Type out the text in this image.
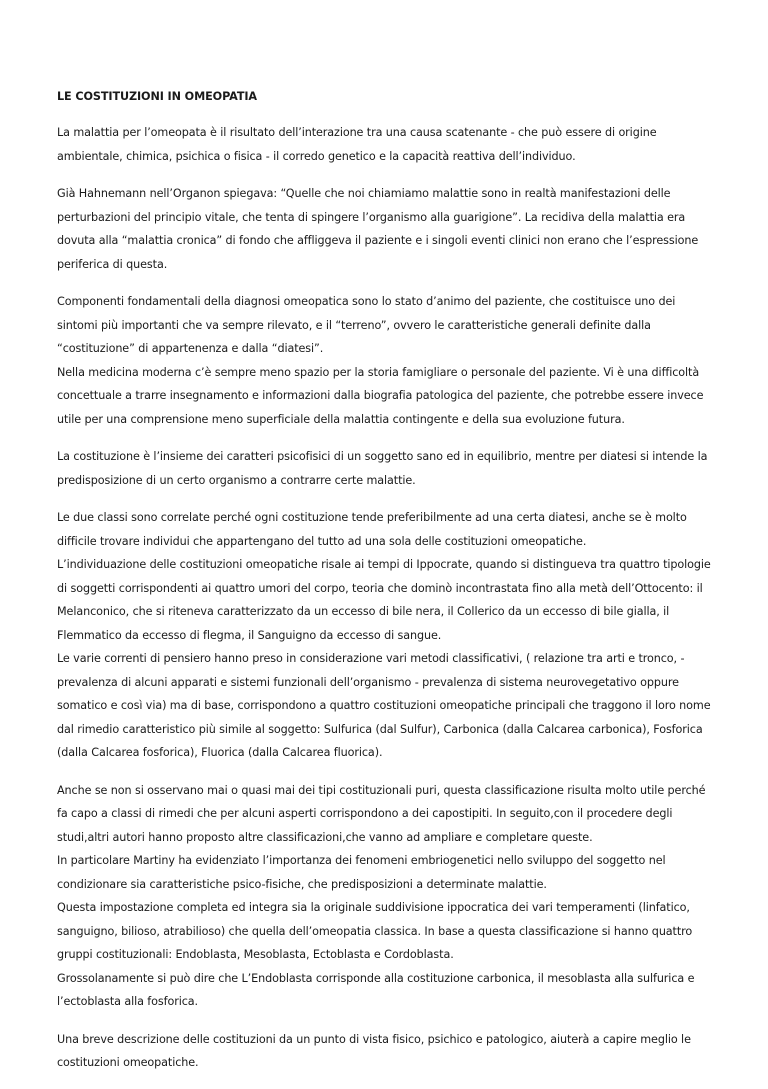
LE COSTITUZIONI IN OMEOPATIA
La malattia per l’omeopata è il risultato dell’interazione tra una causa scatenante - che può essere di origine ambientale, chimica, psichica o fisica - il corredo genetico e la capacità reattiva dell’individuo.
Già Hahnemann nell’Organon spiegava: “Quelle che noi chiamiamo malattie sono in realtà manifestazioni delle perturbazioni del principio vitale, che tenta di spingere l’organismo alla guarigione”. La recidiva della malattia era dovuta alla “malattia cronica” di fondo che affliggeva il paziente e i singoli eventi clinici non erano che l’espressione periferica di questa.
Componenti fondamentali della diagnosi omeopatica sono lo stato d’animo del paziente, che costituisce uno dei sintomi più importanti che va sempre rilevato, e il “terreno”, ovvero le caratteristiche generali definite dalla “costituzione” di appartenenza e dalla “diatesi”.
Nella medicina moderna c’è sempre meno spazio per la storia famigliare o personale del paziente. Vi è una difficoltà concettuale a trarre insegnamento e informazioni dalla biografia patologica del paziente, che potrebbe essere invece utile per una comprensione meno superficiale della malattia contingente e della sua evoluzione futura.
La costituzione è l’insieme dei caratteri psicofisici di un soggetto sano ed in equilibrio, mentre per diatesi si intende la predisposizione di un certo organismo a contrarre certe malattie.
Le due classi sono correlate perché ogni costituzione tende preferibilmente ad una certa diatesi, anche se è molto difficile trovare individui che appartengano del tutto ad una sola delle costituzioni omeopatiche.
L’individuazione delle costituzioni omeopatiche risale ai tempi di Ippocrate, quando si distingueva tra quattro tipologie di soggetti corrispondenti ai quattro umori del corpo, teoria che dominò incontrastata fino alla metà dell’Ottocento: il Melanconico, che si riteneva caratterizzato da un eccesso di bile nera, il Collerico da un eccesso di bile gialla, il Flemmatico da eccesso di flegma, il Sanguigno da eccesso di sangue.
Le varie correnti di pensiero hanno preso in considerazione vari metodi classificativi, ( relazione tra arti e tronco, - prevalenza di alcuni apparati e sistemi funzionali dell’organismo - prevalenza di sistema neurovegetativo oppure somatico e così via) ma di base, corrispondono a quattro costituzioni omeopatiche principali che traggono il loro nome dal rimedio caratteristico più simile al soggetto: Sulfurica (dal Sulfur), Carbonica (dalla Calcarea carbonica), Fosforica (dalla Calcarea fosforica), Fluorica (dalla Calcarea fluorica).
Anche se non si osservano mai o quasi mai dei tipi costituzionali puri, questa classificazione risulta molto utile perché fa capo a classi di rimedi che per alcuni asperti corrispondono a dei capostipiti. In seguito,con il procedere degli studi,altri autori hanno proposto altre classificazioni,che vanno ad ampliare e completare queste.
In particolare Martiny ha evidenziato l’importanza dei fenomeni embriogenetici nello sviluppo del soggetto nel condizionare sia caratteristiche psico-fisiche, che predisposizioni a determinate malattie.
Questa impostazione completa ed integra sia la originale suddivisione ippocratica dei vari temperamenti (linfatico, sanguigno, bilioso, atrabilioso) che quella dell’omeopatia classica. In base a questa classificazione si hanno quattro gruppi costituzionali: Endoblasta, Mesoblasta, Ectoblasta e Cordoblasta.
Grossolanamente si può dire che L’Endoblasta corrisponde alla costituzione carbonica, il mesoblasta alla sulfurica e l’ectoblasta alla fosforica.
Una breve descrizione delle costituzioni da un punto di vista fisico, psichico e patologico, aiuterà a capire meglio le costituzioni omeopatiche.
